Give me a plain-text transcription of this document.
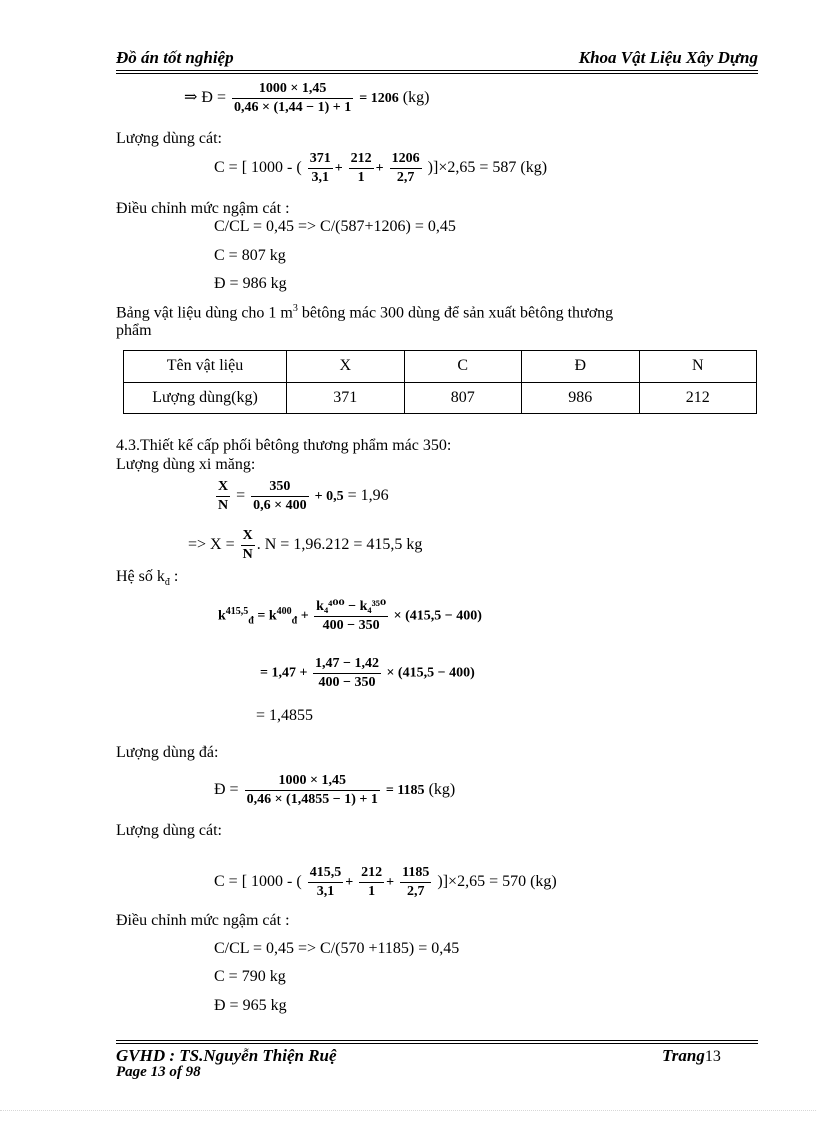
Đồ án tốt nghiệp	Khoa Vật Liệu Xây Dựng
⇒ Đ = $\frac{1000 \times 1,45}{0,46 \times (1,44 - 1) + 1} = 1206$ (kg)
Lượng dùng cát:
C = [ 1000 - ( $\frac{371}{3,1} + \frac{212}{1} + \frac{1206}{2,7} )]\times 2,65 = 587$ (kg)
Điều chỉnh mức ngậm cát :
C/CL = 0,45 => C/(587+1206) = 0,45
C = 807 kg
Đ = 986 kg
Bảng vật liệu dùng cho 1 $m^3$ bêtông mác 300 dùng để sản xuất bêtông thương
phẩm
Tên vật liệu	X	C	Đ	N
Lượng dùng(kg)	371	807	986	212
4.3.Thiết kế cấp phối bêtông thương phẩm mác 350:
Lượng dùng xi măng:
$\frac{X}{N} = \frac{350}{0,6 \times 400} + 0,5 = 1,96$
=> $X = \frac{X}{N}$ . N = 1,96.212 = 415,5 kg
Hệ số $k_đ$ :
$k^{415,5}_đ = k^{400}_đ + \frac{\text{k₄⁴⁰⁰ − k₄³⁵⁰}}{400 - 350} \times (415,5 - 400)$
= $1,47 + \frac{1,47 - 1,42}{400 - 350} \times (415,5 - 400)$
= 1,4855
Lượng dùng đá:
Đ = $\frac{1000 \times 1,45}{0,46 \times (1,4855 - 1) + 1} = 1185$ (kg)
Lượng dùng cát:
C = [ 1000 - ( $\frac{415,5}{3,1} + \frac{212}{1} + \frac{1185}{2,7} )]\times 2,65 = 570$ (kg)
Điều chỉnh mức ngậm cát :
C/CL = 0,45 => C/(570 +1185) = 0,45
C = 790 kg
Đ = 965 kg
GVHD : TS.Nguyễn Thiện Ruệ	Trang13
Page 13 of 98
